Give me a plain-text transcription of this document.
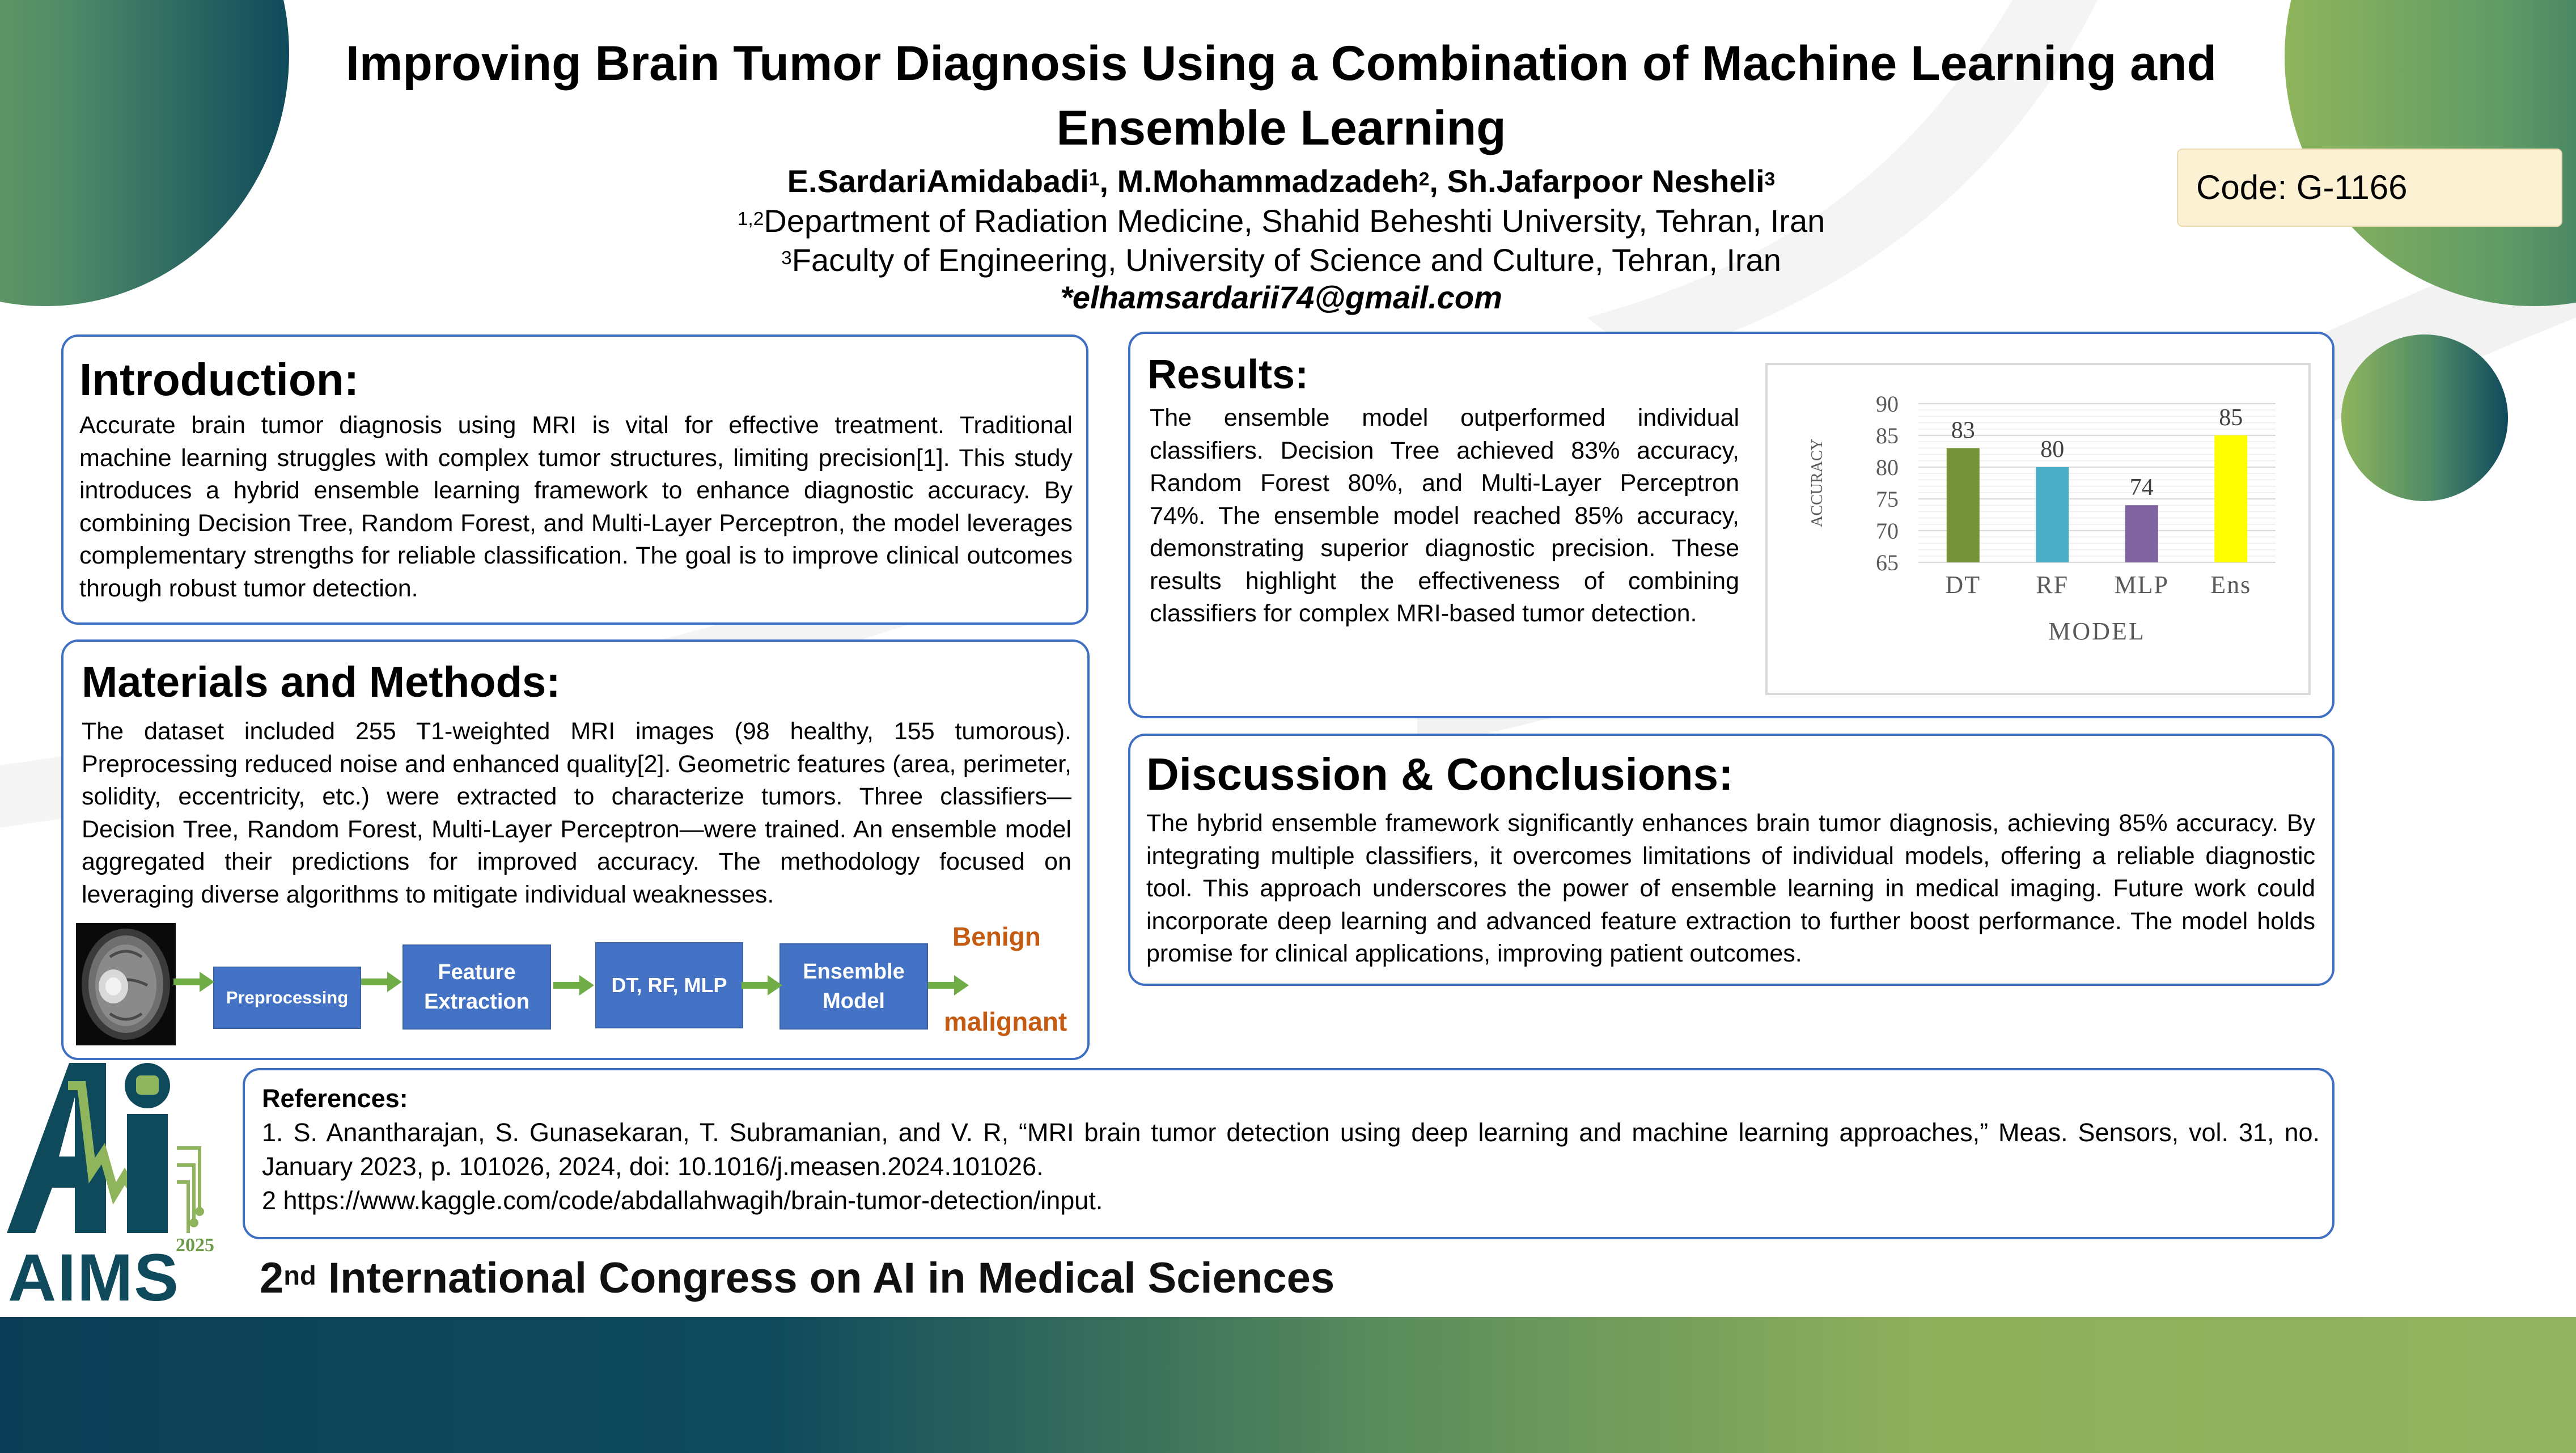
Improving Brain Tumor Diagnosis Using a Combination of Machine Learning and
Ensemble Learning
E.SardariAmidabadi$^1$, M.Mohammadzadeh$^2$, Sh.Jafarpoor Nesheli$^3$
$^{1,2}$Department of Radiation Medicine, Shahid Beheshti University, Tehran, Iran
$^3$Faculty of Engineering, University of Science and Culture, Tehran, Iran
*elhamsardarii74@gmail.com
Code: G-1166
Introduction:
Accurate brain tumor diagnosis using MRI is vital for effective treatment. Traditional machine learning struggles with complex tumor structures, limiting precision[1]. This study introduces a hybrid ensemble learning framework to enhance diagnostic accuracy. By combining Decision Tree, Random Forest, and Multi-Layer Perceptron, the model leverages complementary strengths for reliable classification. The goal is to improve clinical outcomes through robust tumor detection.
Materials and Methods:
The dataset included 255 T1-weighted MRI images (98 healthy, 155 tumorous). Preprocessing reduced noise and enhanced quality[2]. Geometric features (area, perimeter, solidity, eccentricity, etc.) were extracted to characterize tumors. Three classifiers—Decision Tree, Random Forest, Multi-Layer Perceptron—were trained. An ensemble model aggregated their predictions for improved accuracy. The methodology focused on leveraging diverse algorithms to mitigate individual weaknesses.
Preprocessing
Feature Extraction
DT, RF, MLP
Ensemble Model
Benign
malignant
Results:
The ensemble model outperformed individual classifiers. Decision Tree achieved 83% accuracy, Random Forest 80%, and Multi-Layer Perceptron 74%. The ensemble model reached 85% accuracy, demonstrating superior diagnostic precision. These results highlight the effectiveness of combining classifiers for complex MRI-based tumor detection.
65
70
75
80
85
90
83
DT
80
RF
74
MLP
85
Ens
MODEL
ACCURACY
Discussion & Conclusions:
The hybrid ensemble framework significantly enhances brain tumor diagnosis, achieving 85% accuracy. By integrating multiple classifiers, it overcomes limitations of individual models, offering a reliable diagnostic tool. This approach underscores the power of ensemble learning in medical imaging. Future work could incorporate deep learning and advanced feature extraction to further boost performance. The model holds promise for clinical applications, improving patient outcomes.
References:
1. S. Anantharajan, S. Gunasekaran, T. Subramanian, and V. R, “MRI brain tumor detection using deep learning and machine learning approaches,” Meas. Sensors, vol. 31, no. January 2023, p. 101026, 2024, doi: 10.1016/j.measen.2024.101026.
2 https://www.kaggle.com/code/abdallahwagih/brain-tumor-detection/input.
2025
AIMS 2nd International Congress on AI in Medical Sciences
